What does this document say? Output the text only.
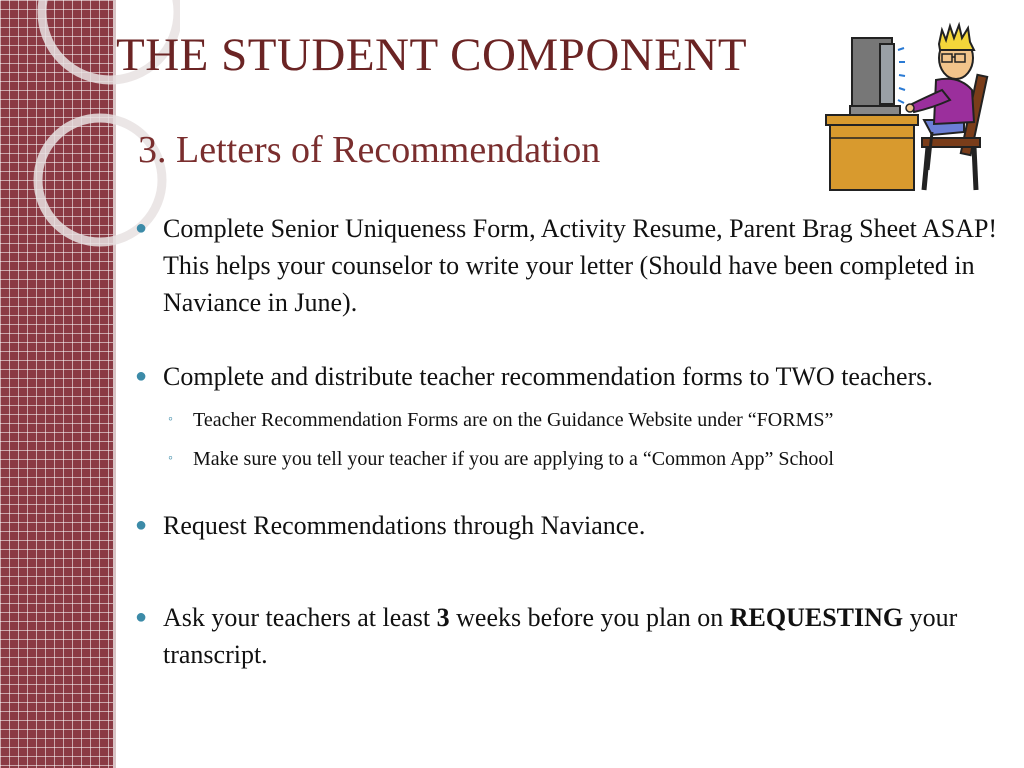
THE STUDENT COMPONENT
3. Letters of Recommendation
● Complete Senior Uniqueness Form, Activity Resume, Parent Brag Sheet ASAP! This helps your counselor to write your letter (Should have been completed in Naviance in June).
● Complete and distribute teacher recommendation forms to TWO teachers.
◦ Teacher Recommendation Forms are on the Guidance Website under “FORMS”
◦ Make sure you tell your teacher if you are applying to a “Common App” School
● Request Recommendations through Naviance.
● Ask your teachers at least 3 weeks before you plan on REQUESTING your transcript.
